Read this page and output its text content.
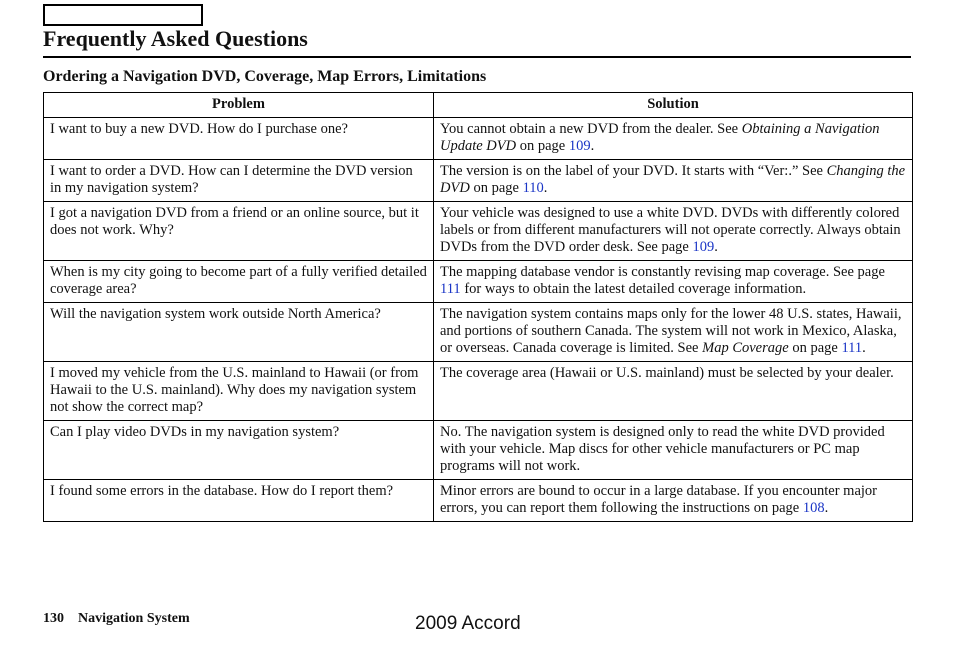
Frequently Asked Questions
Ordering a Navigation DVD, Coverage, Map Errors, Limitations
Problem	Solution
I want to buy a new DVD. How do I purchase one?	You cannot obtain a new DVD from the dealer. See Obtaining a Navigation Update DVD on page 109.
I want to order a DVD. How can I determine the DVD version in my navigation system?	The version is on the label of your DVD. It starts with “Ver:.” See Changing the DVD on page 110.
I got a navigation DVD from a friend or an online source, but it does not work. Why?	Your vehicle was designed to use a white DVD. DVDs with differently colored labels or from different manufacturers will not operate correctly. Always obtain DVDs from the DVD order desk. See page 109.
When is my city going to become part of a fully verified detailed coverage area?	The mapping database vendor is constantly revising map coverage. See page 111 for ways to obtain the latest detailed coverage information.
Will the navigation system work outside North America?	The navigation system contains maps only for the lower 48 U.S. states, Hawaii, and portions of southern Canada. The system will not work in Mexico, Alaska, or overseas. Canada coverage is limited. See Map Coverage on page 111.
I moved my vehicle from the U.S. mainland to Hawaii (or from Hawaii to the U.S. mainland). Why does my navigation system not show the correct map?	The coverage area (Hawaii or U.S. mainland) must be selected by your dealer.
Can I play video DVDs in my navigation system?	No. The navigation system is designed only to read the white DVD provided with your vehicle. Map discs for other vehicle manufacturers or PC map programs will not work.
I found some errors in the database. How do I report them?	Minor errors are bound to occur in a large database. If you encounter major errors, you can report them following the instructions on page 108.
130 Navigation System	2009 Accord
